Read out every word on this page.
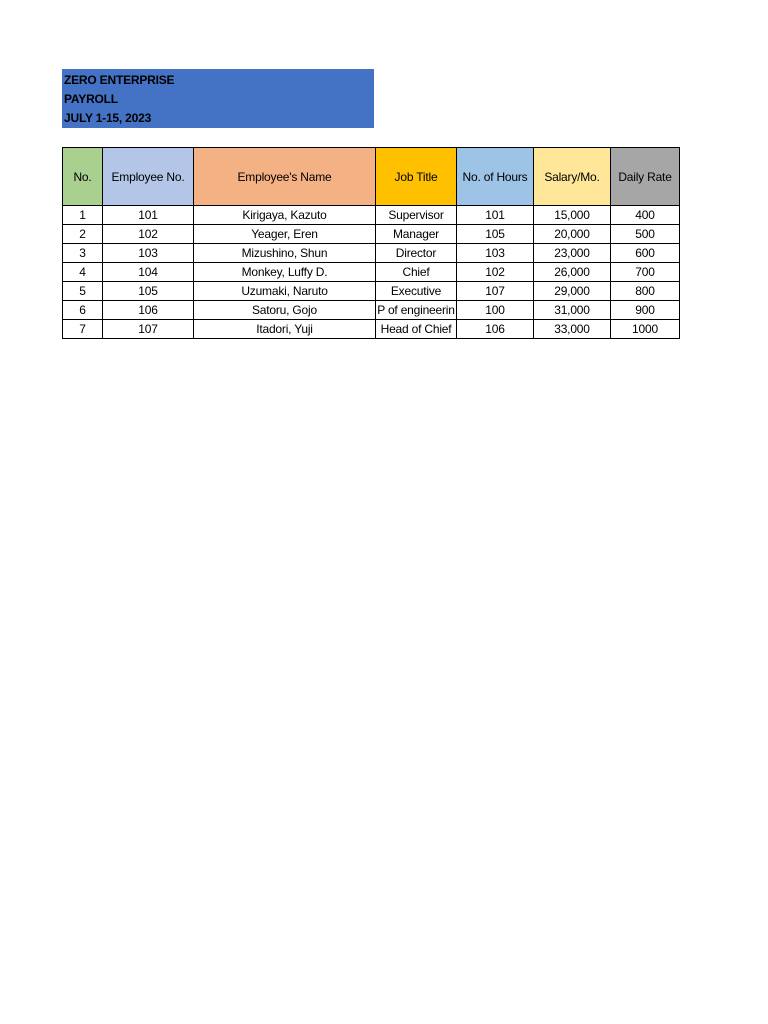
ZERO ENTERPRISE
PAYROLL
JULY 1-15, 2023
No.	Employee No.	Employee's Name	Job Title	No. of Hours	Salary/Mo.	Daily Rate
1	101	Kirigaya, Kazuto	Supervisor	101	15,000	400
2	102	Yeager, Eren	Manager	105	20,000	500
3	103	Mizushino, Shun	Director	103	23,000	600
4	104	Monkey, Luffy D.	Chief	102	26,000	700
5	105	Uzumaki, Naruto	Executive	107	29,000	800
6	106	Satoru, Gojo	P of engineerin	100	31,000	900
7	107	Itadori, Yuji	Head of Chief	106	33,000	1000
